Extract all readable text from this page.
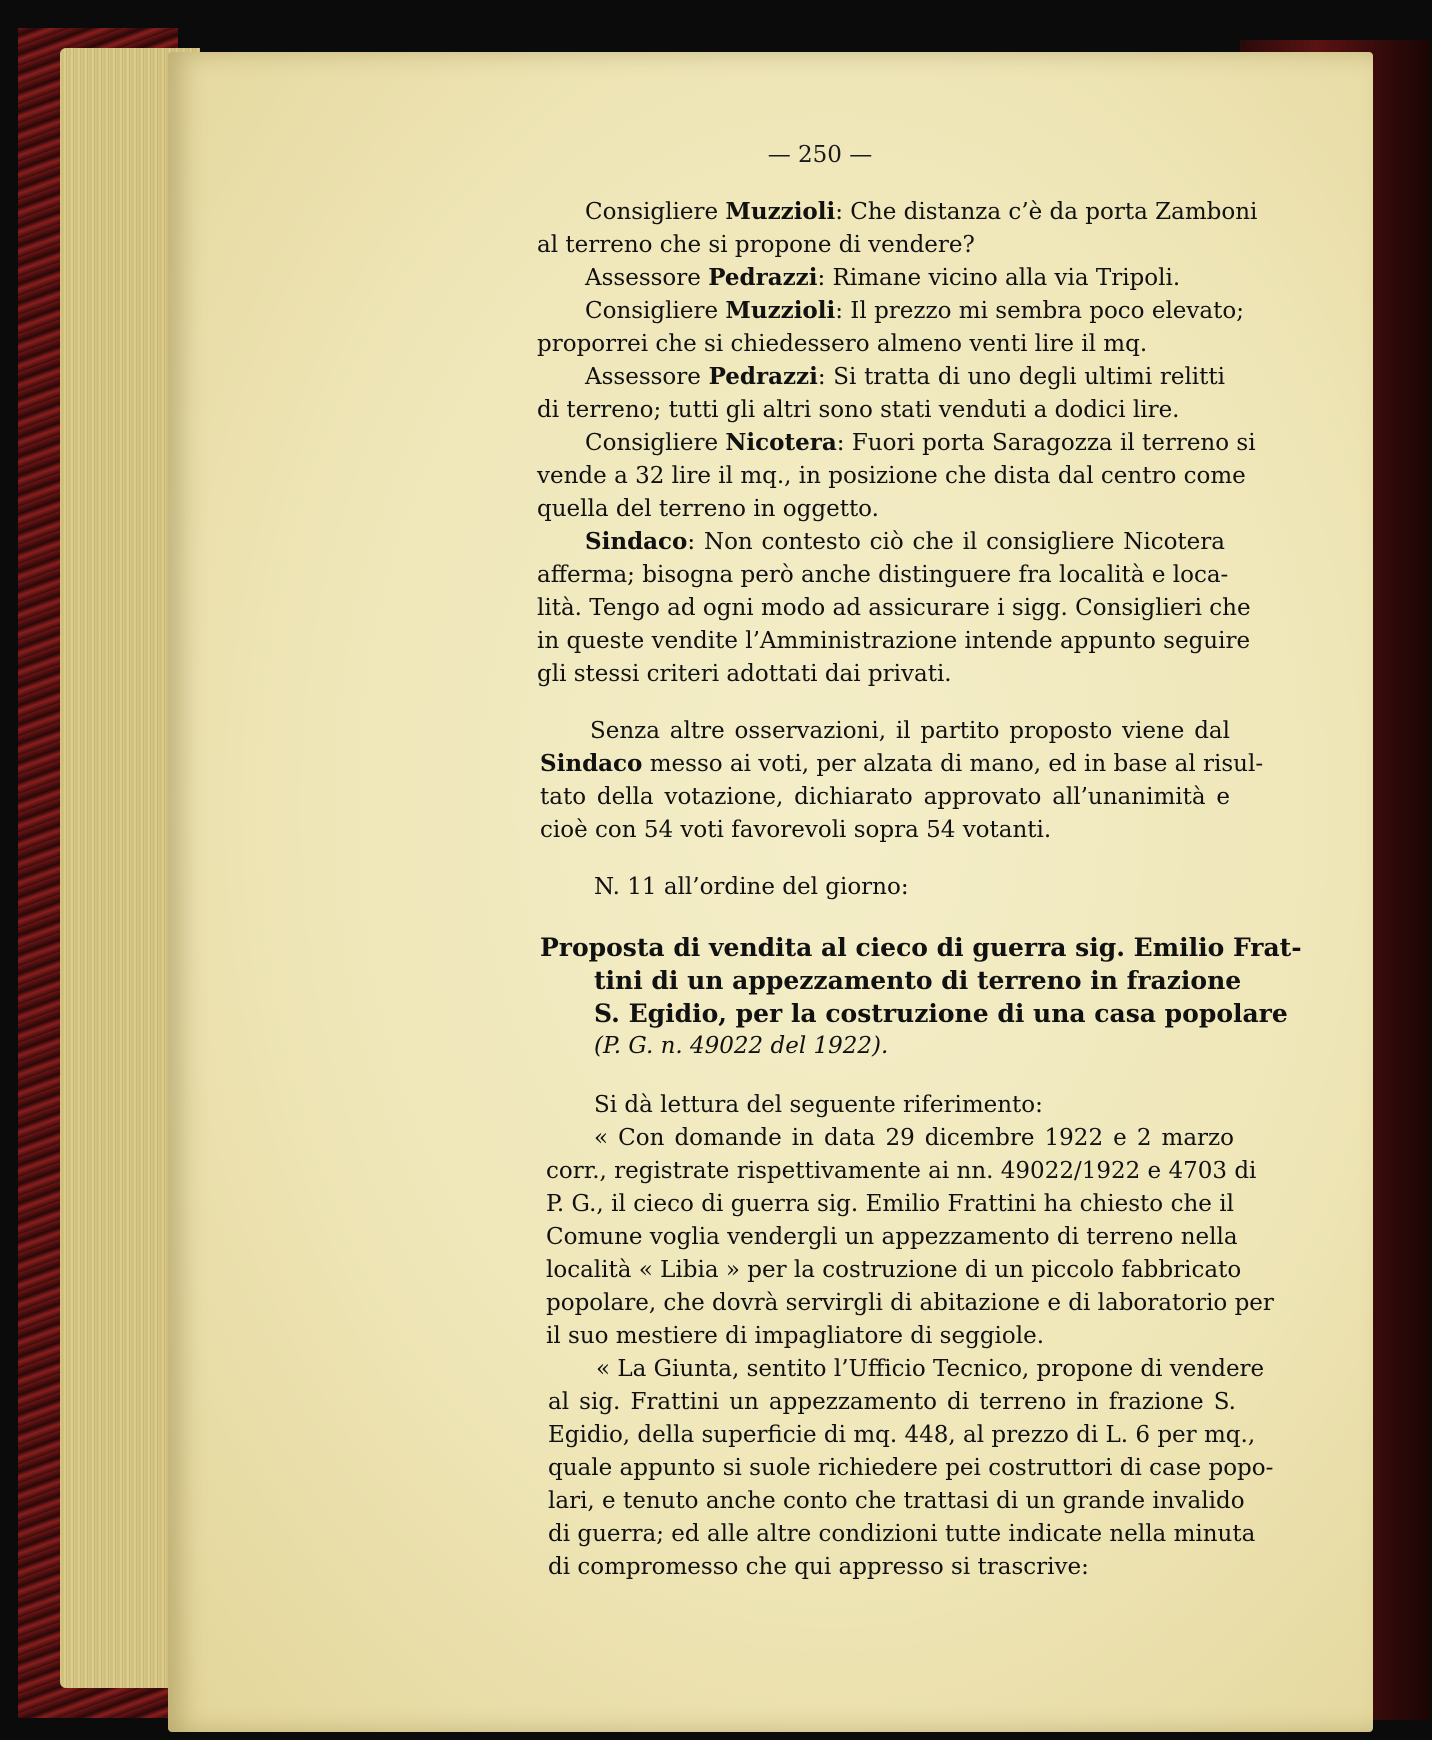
— 250 —
Consigliere Muzzioli: Che distanza c’è da porta Zamboni
al terreno che si propone di vendere?
Assessore Pedrazzi: Rimane vicino alla via Tripoli.
Consigliere Muzzioli: Il prezzo mi sembra poco elevato;
proporrei che si chiedessero almeno venti lire il mq.
Assessore Pedrazzi: Si tratta di uno degli ultimi relitti
di terreno; tutti gli altri sono stati venduti a dodici lire.
Consigliere Nicotera: Fuori porta Saragozza il terreno si
vende a 32 lire il mq., in posizione che dista dal centro come
quella del terreno in oggetto.
Sindaco: Non contesto ciò che il consigliere Nicotera
afferma; bisogna però anche distinguere fra località e loca-
lità. Tengo ad ogni modo ad assicurare i sigg. Consiglieri che
in queste vendite l’Amministrazione intende appunto seguire
gli stessi criteri adottati dai privati.
Senza altre osservazioni, il partito proposto viene dal
Sindaco messo ai voti, per alzata di mano, ed in base al risul-
tato della votazione, dichiarato approvato all’unanimità e
cioè con 54 voti favorevoli sopra 54 votanti.
N. 11 all’ordine del giorno:
Proposta di vendita al cieco di guerra sig. Emilio Frat-
tini di un appezzamento di terreno in frazione
S. Egidio, per la costruzione di una casa popolare
(P. G. n. 49022 del 1922).
Si dà lettura del seguente riferimento:
« Con domande in data 29 dicembre 1922 e 2 marzo
corr., registrate rispettivamente ai nn. 49022/1922 e 4703 di
P. G., il cieco di guerra sig. Emilio Frattini ha chiesto che il
Comune voglia vendergli un appezzamento di terreno nella
località « Libia » per la costruzione di un piccolo fabbricato
popolare, che dovrà servirgli di abitazione e di laboratorio per
il suo mestiere di impagliatore di seggiole.
« La Giunta, sentito l’Ufficio Tecnico, propone di vendere
al sig. Frattini un appezzamento di terreno in frazione S.
Egidio, della superficie di mq. 448, al prezzo di L. 6 per mq.,
quale appunto si suole richiedere pei costruttori di case popo-
lari, e tenuto anche conto che trattasi di un grande invalido
di guerra; ed alle altre condizioni tutte indicate nella minuta
di compromesso che qui appresso si trascrive:
